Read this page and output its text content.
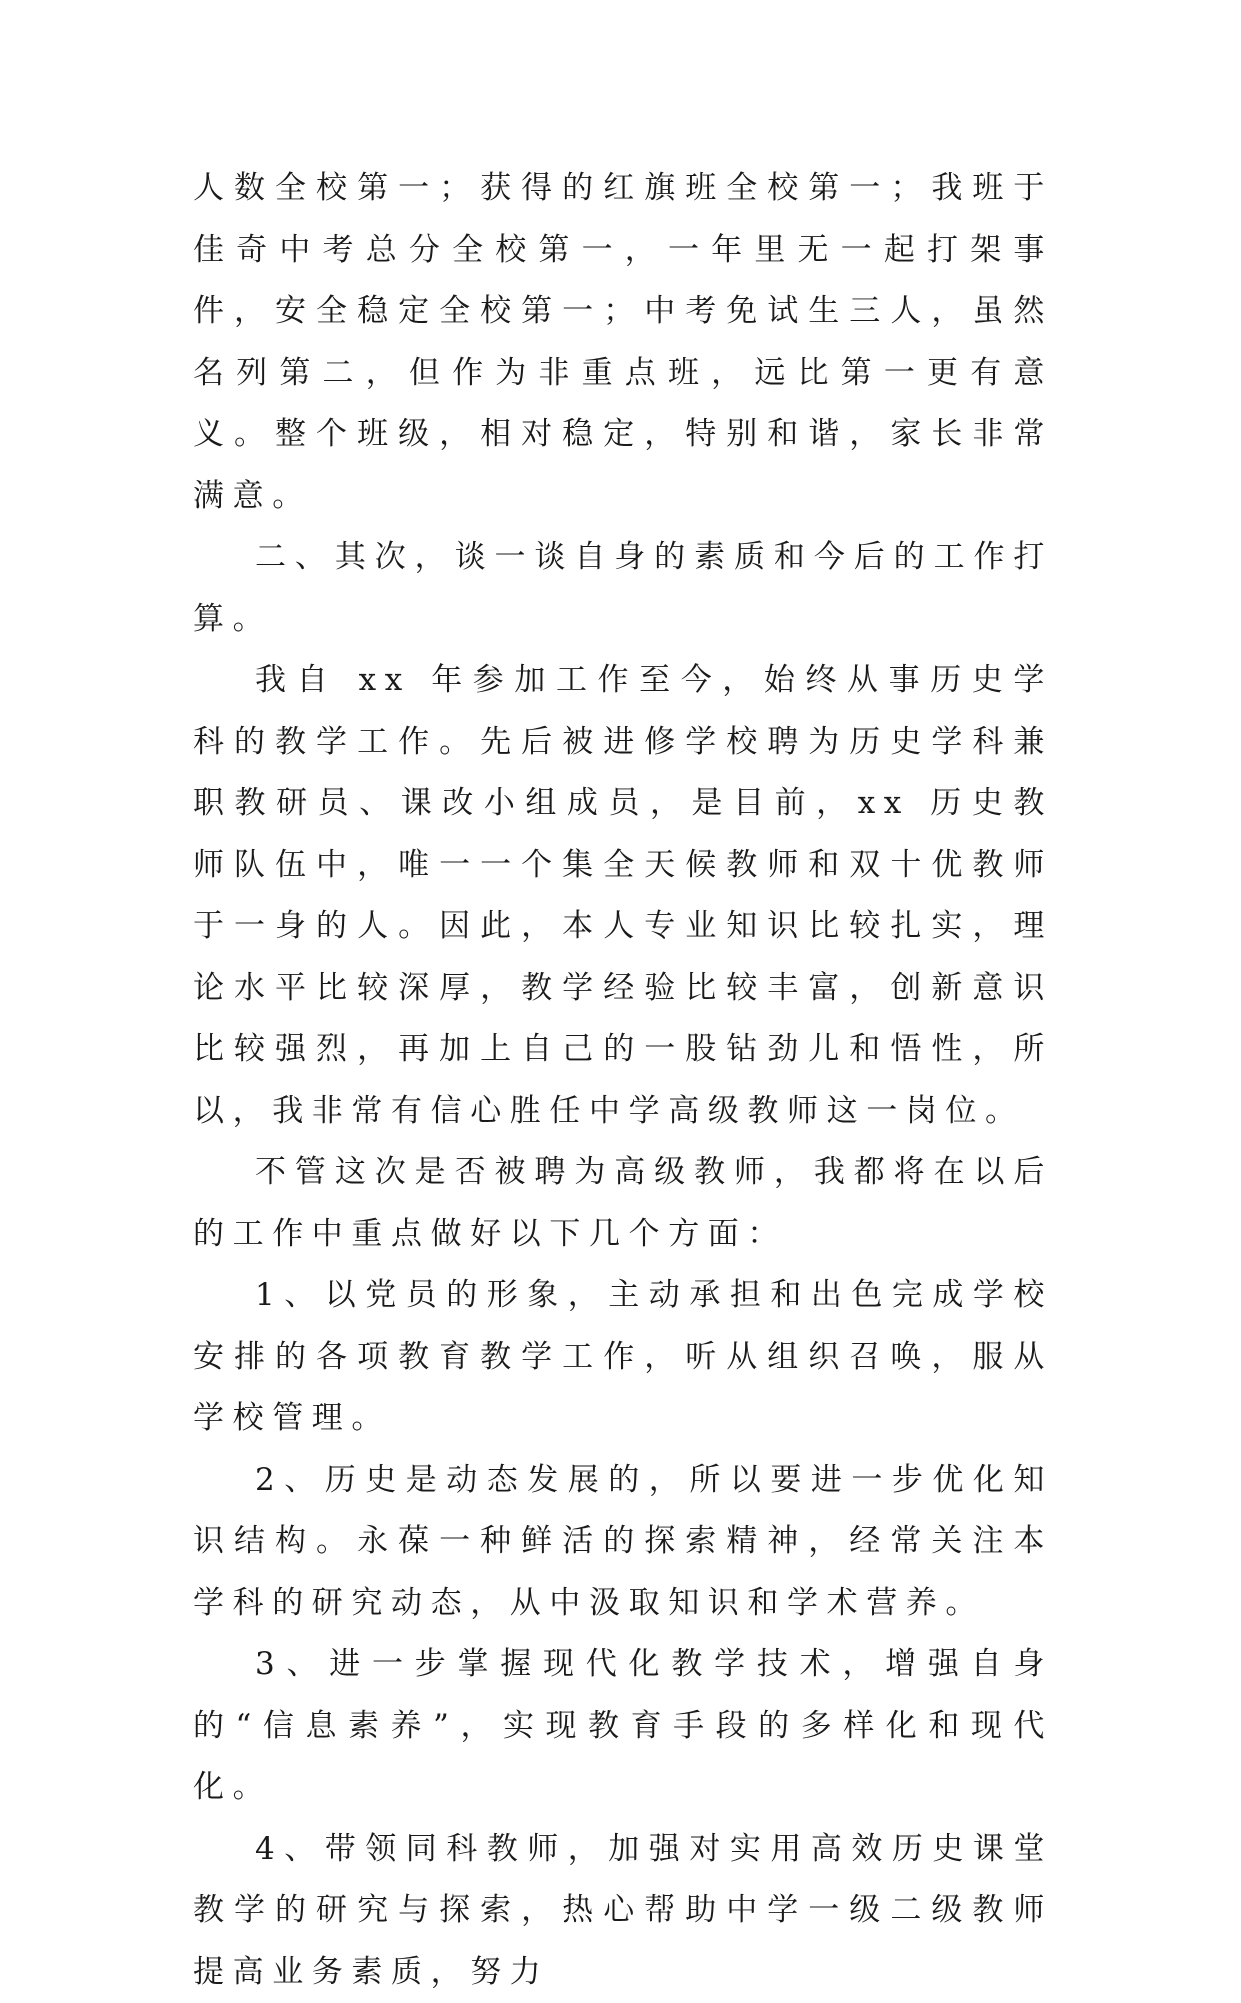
人数全校第一；获得的红旗班全校第一；我班于佳奇中考总分全校第一，一年里无一起打架事件，安全稳定全校第一；中考免试生三人，虽然名列第二，但作为非重点班，远比第一更有意义。整个班级，相对稳定，特别和谐，家长非常满意。

二、其次，谈一谈自身的素质和今后的工作打算。

我自 xx 年参加工作至今，始终从事历史学科的教学工作。先后被进修学校聘为历史学科兼职教研员、课改小组成员，是目前，xx 历史教师队伍中，唯一一个集全天候教师和双十优教师于一身的人。因此，本人专业知识比较扎实，理论水平比较深厚，教学经验比较丰富，创新意识比较强烈，再加上自己的一股钻劲儿和悟性，所以，我非常有信心胜任中学高级教师这一岗位。

不管这次是否被聘为高级教师，我都将在以后的工作中重点做好以下几个方面：

1、以党员的形象，主动承担和出色完成学校安排的各项教育教学工作，听从组织召唤，服从学校管理。

2、历史是动态发展的，所以要进一步优化知识结构。永葆一种鲜活的探索精神，经常关注本学科的研究动态，从中汲取知识和学术营养。

3、进一步掌握现代化教学技术，增强自身的“信息素养”，实现教育手段的多样化和现代化。

4、带领同科教师，加强对实用高效历史课堂教学的研究与探索，热心帮助中学一级二级教师提高业务素质，努力
